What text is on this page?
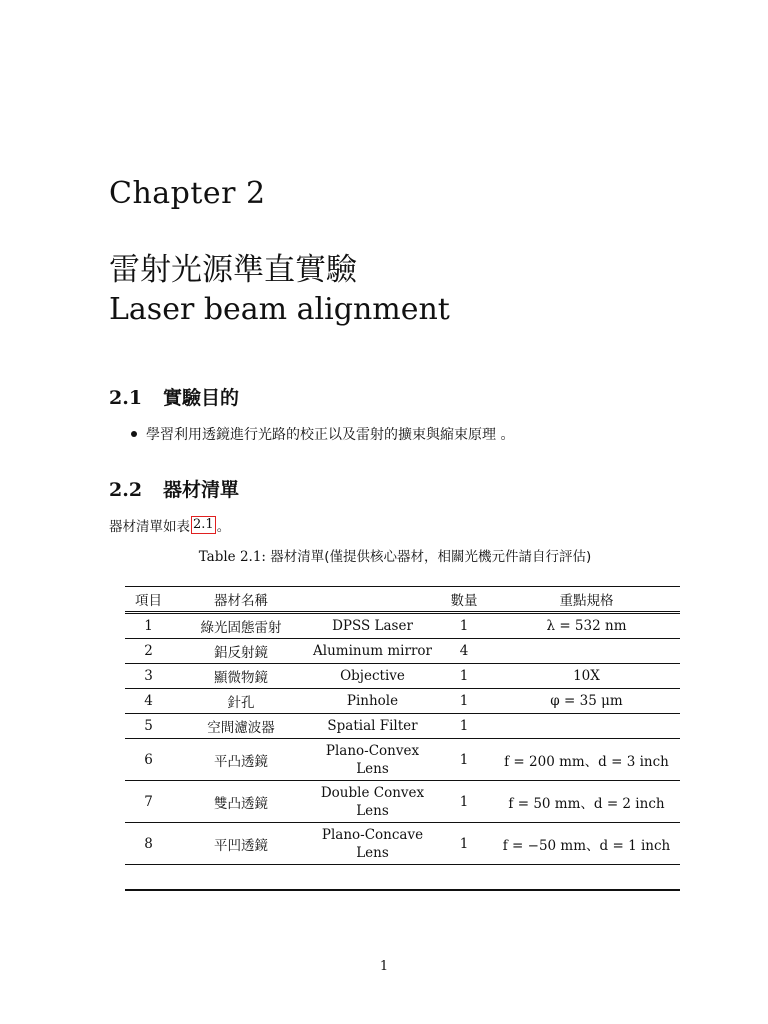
Chapter 2
雷射光源準直實驗
Laser beam alignment
2.1 實驗目的
學習利用透鏡進行光路的校正以及雷射的擴束與縮束原理 。
2.2 器材清單
器材清單如表 2.1 。
Table 2.1: 器材清單(僅提供核心器材，相關光機元件請自行評估)
項目	器材名稱		數量	重點規格
1	綠光固態雷射	DPSS Laser	1	λ = 532 nm
2	鋁反射鏡	Aluminum mirror	4	
3	顯微物鏡	Objective	1	10X
4	針孔	Pinhole	1	φ = 35 μm
5	空間濾波器	Spatial Filter	1	
6	平凸透鏡	Plano-Convex
Lens	1	f = 200 mm、d = 3 inch
7	雙凸透鏡	Double Convex
Lens	1	f = 50 mm、d = 2 inch
8	平凹透鏡	Plano-Concave
Lens	1	f = −50 mm、d = 1 inch

1
